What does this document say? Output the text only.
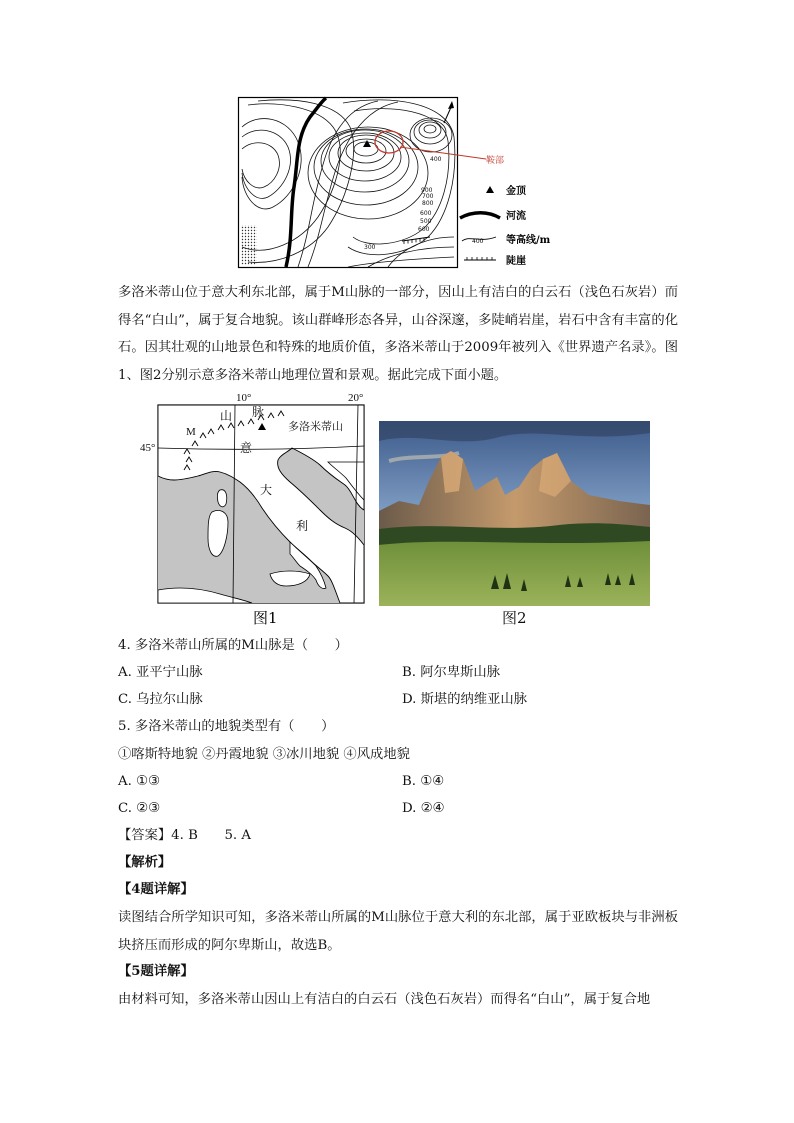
400
900
800
700
600
500
600
300
鞍部
金顶
河流
400 等高线/m
陡崖
多洛米蒂山位于意大利东北部，属于M山脉的一部分，因山上有洁白的白云石（浅色石灰岩）而得名“白山”，属于复合地貌。该山群峰形态各异，山谷深邃，多陡峭岩崖，岩石中含有丰富的化石。因其壮观的山地景色和特殊的地质价值，多洛米蒂山于2009年被列入《世界遗产名录》。图1、图2分别示意多洛米蒂山地理位置和景观。据此完成下面小题。
10°	20°
45°
M
山 脉
意
大
利
多洛米蒂山
图1	图2
4. 多洛米蒂山所属的M山脉是（　　）
A. 亚平宁山脉	B. 阿尔卑斯山脉
C. 乌拉尔山脉	D. 斯堪的纳维亚山脉
5. 多洛米蒂山的地貌类型有（　　）
①喀斯特地貌 ②丹霞地貌 ③冰川地貌 ④风成地貌
A. ①③	B. ①④
C. ②③	D. ②④
【答案】4. B　　5. A
【解析】
【4题详解】
读图结合所学知识可知，多洛米蒂山所属的M山脉位于意大利的东北部，属于亚欧板块与非洲板块挤压而形成的阿尔卑斯山，故选B。
【5题详解】
由材料可知，多洛米蒂山因山上有洁白的白云石（浅色石灰岩）而得名“白山”，属于复合地
